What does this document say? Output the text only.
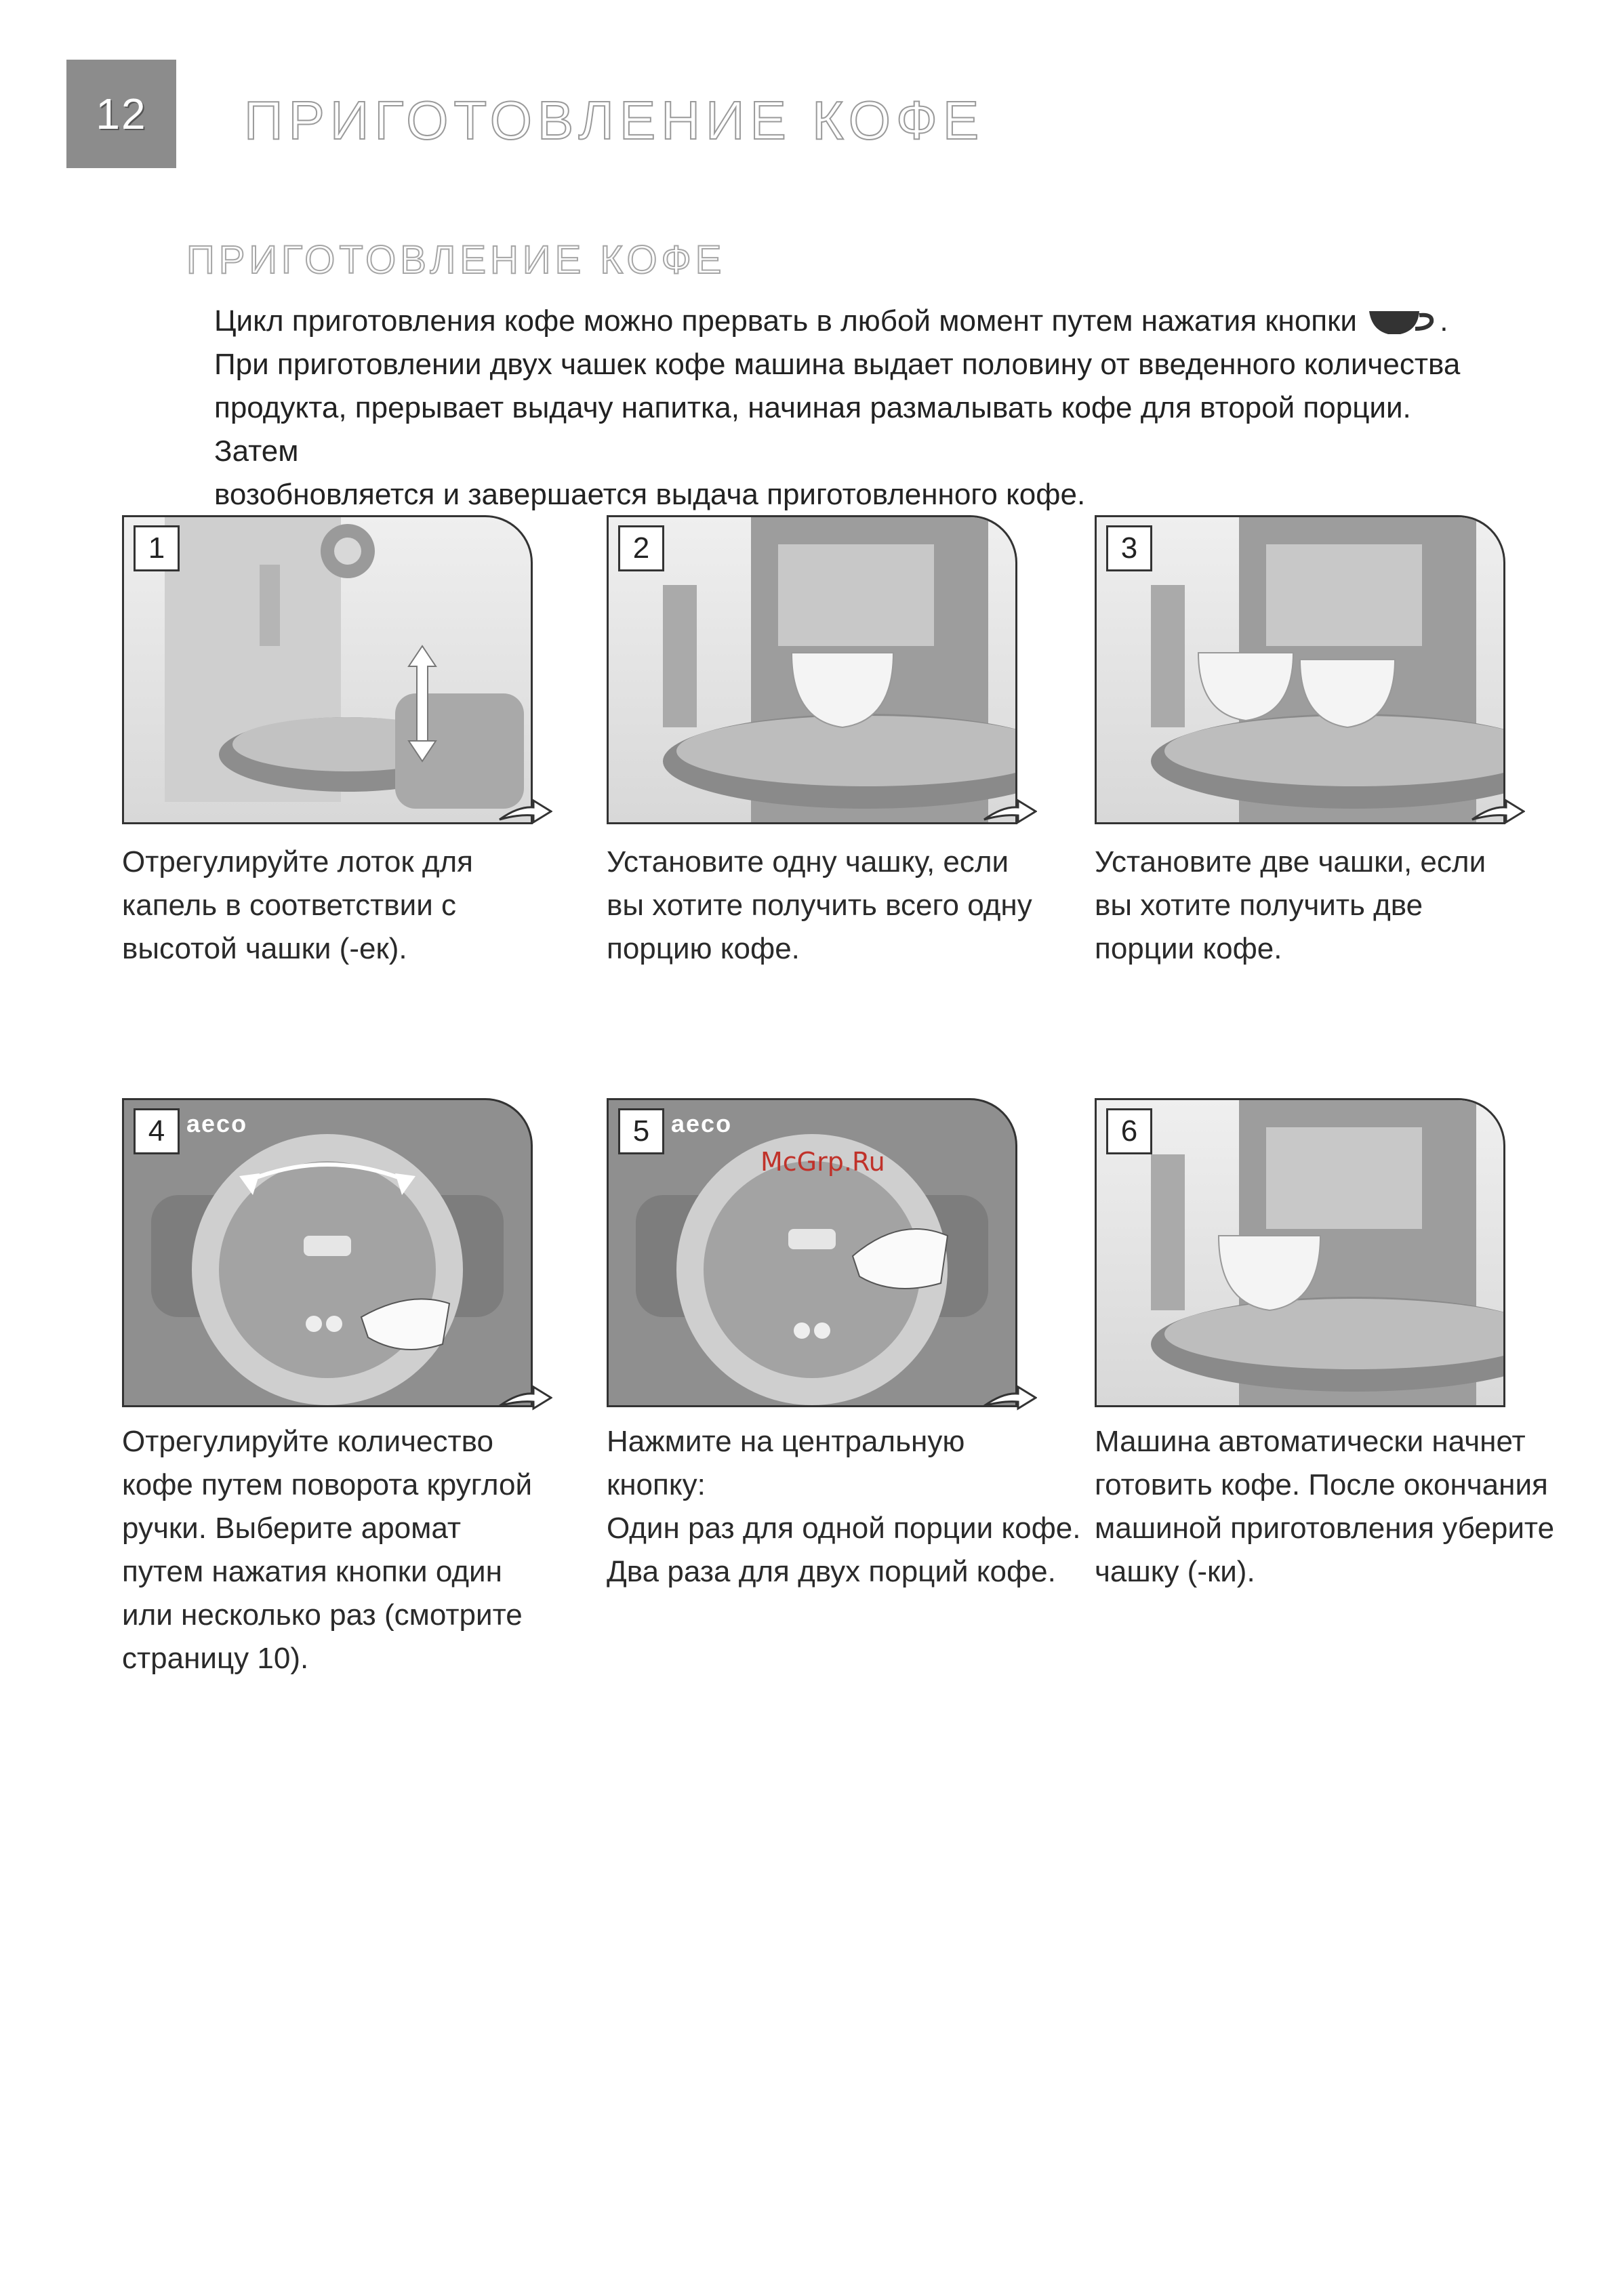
12 ПРИГОТОВЛЕНИЕ КОФЕ
ПРИГОТОВЛЕНИЕ КОФЕ

Цикл приготовления кофе можно прервать в любой момент путем нажатия кнопки	.

При приготовлении двух чашек кофе машина выдает половину от введенного количества

продукта, прерывает выдачу напитка, начиная размалывать кофе для второй порции. Затем

возобновляется и завершается выдача приготовленного кофе.

1

Отрегулируйте лоток для

капель в соответствии с

высотой чашки (-ек).

2

Установите одну чашку, если

вы хотите получить всего одну

порцию кофе.

3

Установите две чашки, если

вы хотите получить две

порции кофе.

4 aeco

Отрегулируйте количество

кофе путем поворота круглой

ручки. Выберите аромат

путем нажатия кнопки один

или несколько раз (смотрите

страницу 10).

5 aeco
McGrp.Ru

Нажмите на центральную

кнопку:

Один раз для одной порции кофе.

Два раза для двух порций кофе.

6

Машина автоматически начнет

готовить кофе. После окончания

машиной приготовления уберите

чашку (-ки).
